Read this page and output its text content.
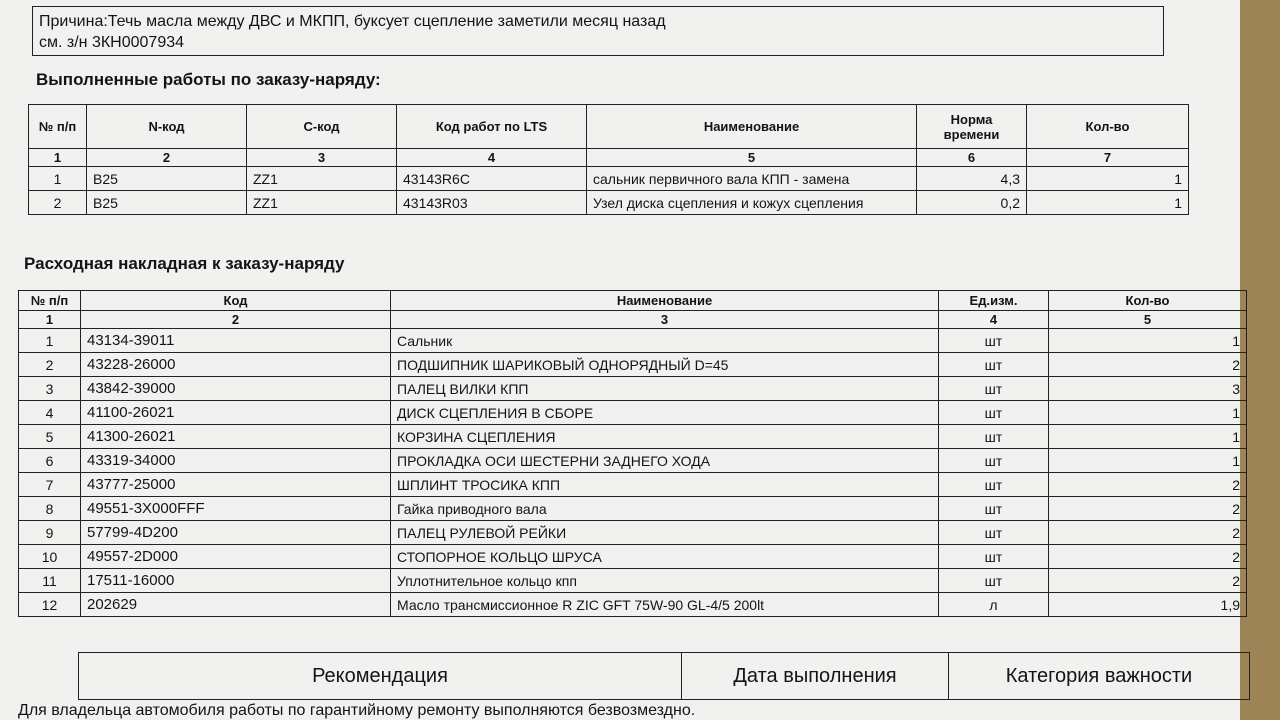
Причина:Течь масла между ДВС и МКПП, буксует сцепление заметили месяц назад
см. з/н 3КН0007934
Выполненные работы по заказу-наряду:
№ п/п	N-код	С-код	Код работ по LTS	Наименование	Норма времени	Кол-во
1	2	3	4	5	6	7
1	B25	ZZ1	43143R6C	сальник первичного вала КПП - замена	4,3	1
2	B25	ZZ1	43143R03	Узел диска сцепления и кожух сцепления	0,2	1
Расходная накладная к заказу-наряду
№ п/п	Код	Наименование	Ед.изм.	Кол-во
1	2	3	4	5
1	43134-39011	Сальник	шт	1
2	43228-26000	ПОДШИПНИК ШАРИКОВЫЙ ОДНОРЯДНЫЙ D=45	шт	2
3	43842-39000	ПАЛЕЦ ВИЛКИ КПП	шт	3
4	41100-26021	ДИСК СЦЕПЛЕНИЯ В СБОРЕ	шт	1
5	41300-26021	КОРЗИНА СЦЕПЛЕНИЯ	шт	1
6	43319-34000	ПРОКЛАДКА ОСИ ШЕСТЕРНИ ЗАДНЕГО ХОДА	шт	1
7	43777-25000	ШПЛИНТ ТРОСИКА КПП	шт	2
8	49551-3X000FFF	Гайка приводного вала	шт	2
9	57799-4D200	ПАЛЕЦ РУЛЕВОЙ РЕЙКИ	шт	2
10	49557-2D000	СТОПОРНОЕ КОЛЬЦО ШРУСА	шт	2
11	17511-16000	Уплотнительное кольцо кпп	шт	2
12	202629	Масло трансмиссионное R ZIC GFT 75W-90 GL-4/5 200lt	л	1,9
Рекомендация	Дата выполнения	Категория важности
Для владельца автомобиля работы по гарантийному ремонту выполняются безвозмездно.
